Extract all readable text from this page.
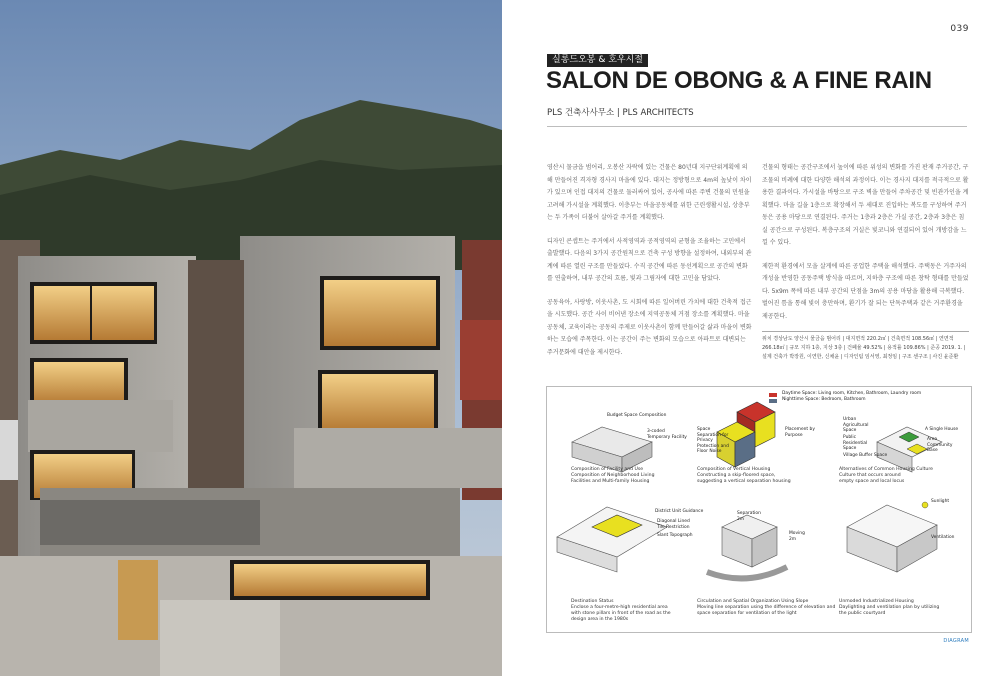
039
실롱드오봉 & 호우시절
SALON DE OBONG & A FINE RAIN
PLS 건축사사무소 | PLS ARCHITECTS

영산시 물금읍 범어리, 오봉산 자락에 있는 건물은 80년대 지구단위계획에 의해 만들어진 격자형 경사지 마을에 있다. 대지는 정방형으로 4m의 높낮이 차이가 있으며 인접 대지의 건물로 둘러싸여 있어, 공사에 따른 주변 건물의 민원을 고려해 가시설을 계획했다. 이층부는 마을공동체를 위한 근린생활시설, 상층부는 두 가족이 더불어 살아갈 주거를 계획했다.

디자인 콘셉트는 주거에서 사적영역과 공적영역의 균형을 조율하는 고민에서 출발했다. 다음의 3가지 공간원칙으로 건축 구성 방향을 설정하여, 내외부의 관계에 따른 열린 구조를 만들었다. 수직 공간에 따른 동선계획으로 공간의 변화를 연출하여, 내부 공간의 흐름, 빛과 그림자에 대한 고민을 담았다.

공동육아, 사랑방, 이웃사촌, 도 시회에 따른 일어버린 가치에 대한 건축적 접근을 시도했다. 공간 사이 비어낸 장소에 지역공동체 거점 장소를 계획했다. 마을공동체, 교육이라는 공동의 주제로 이웃사촌이 함께 만들어갈 삶과 마을이 변화하는 모습에 주목한다. 이는 공간이 주는 변화의 모습으로 아파트로 대변되는 주거문화에 대안을 제시한다.

건물의 형태는 공간구조에서 높이에 따른 위성의 변화를 가진 판재 주거공간, 구조물의 비례에 대한 다양한 해석의 과정이다. 이는 경사지 대지를 적극적으로 활용한 결과이다. 가시설을 바탕으로 구조 벽을 만들어 주차공간 및 빈관가인을 계획했다. 마을 길을 1층으로 확장해서 두 세대로 진입하는 복도를 구성하여 주거동은 공용 마당으로 연결된다. 주거는 1층과 2층은 가실 공간, 2층과 3층은 침실 공간으로 구성된다. 복층구조의 거실은 빛코니와 연결되어 있어 개방감을 느낄 수 있다.

제한적 환경에서 모을 살게에 따른 공업한 주택을 해석했다. 주택동은 거주자의 개성을 반영한 공동주택 방식을 따르며, 지하층 구조에 따른 창탁 형태를 만들었다. 5x9m 폭에 따른 내부 공간의 단점을 3m의 공용 마당을 활용해 극복했다. 벌어진 틈을 통해 빛이 충만하며, 환기가 잘 되는 단독주택과 같은 거주환경을 제공한다.

위치 경상남도 양산시 물금읍 범어리 | 대지면적 220.2㎡ | 건축면적 108.56㎡ | 연면적 266.18㎡ | 규모 지하 1층, 지상 3층 | 건폐율 49.52% | 용적률 109.86% | 준공 2019. 1. | 설계 건축가 박장원, 이연한, 신채윤 | 디자인팀 임서영, 최정임 | 구조 센구조 | 사진 윤준환
Daytime Space: Living room, Kitchen, Bathroom, Laundry room
Nighttime Space: Bedroom, Bathroom
Budget Space Composition
3-coded Temporary Facility
Space Separation for Privacy Protection and Floor Noise
Placement by Purpose
Urban Agricultural Space	A Single House
Area Community Base
Public Residential Space
Village Buffer Space
District Unit Guidance
Diagonal Lined
Tile Restriction
Slant Topograph
Separation 2m
Moving 2m
Sunlight
Ventilation
Composition of Facility and Use
Composition of Neighborhood Living
Facilities and Multi-family Housing
Composition of Vertical Housing
Constructing a skip-floored space,
suggesting a vertical separation housing
Alternatives of Common Housing Culture
Culture that occurs around
empty space and local locus
Destination Status
Enclose a four-metre-high residential area
with stone pillars in front of the road as the
design area in the 1980s
Circulation and Spatial Organization Using Slope
Moving line separation using the difference of elevation and
space separation for ventilation of the light
Unmoded Industrialized Housing
Daylighting and ventilation plan by utilizing
the public courtyard
DIAGRAM
